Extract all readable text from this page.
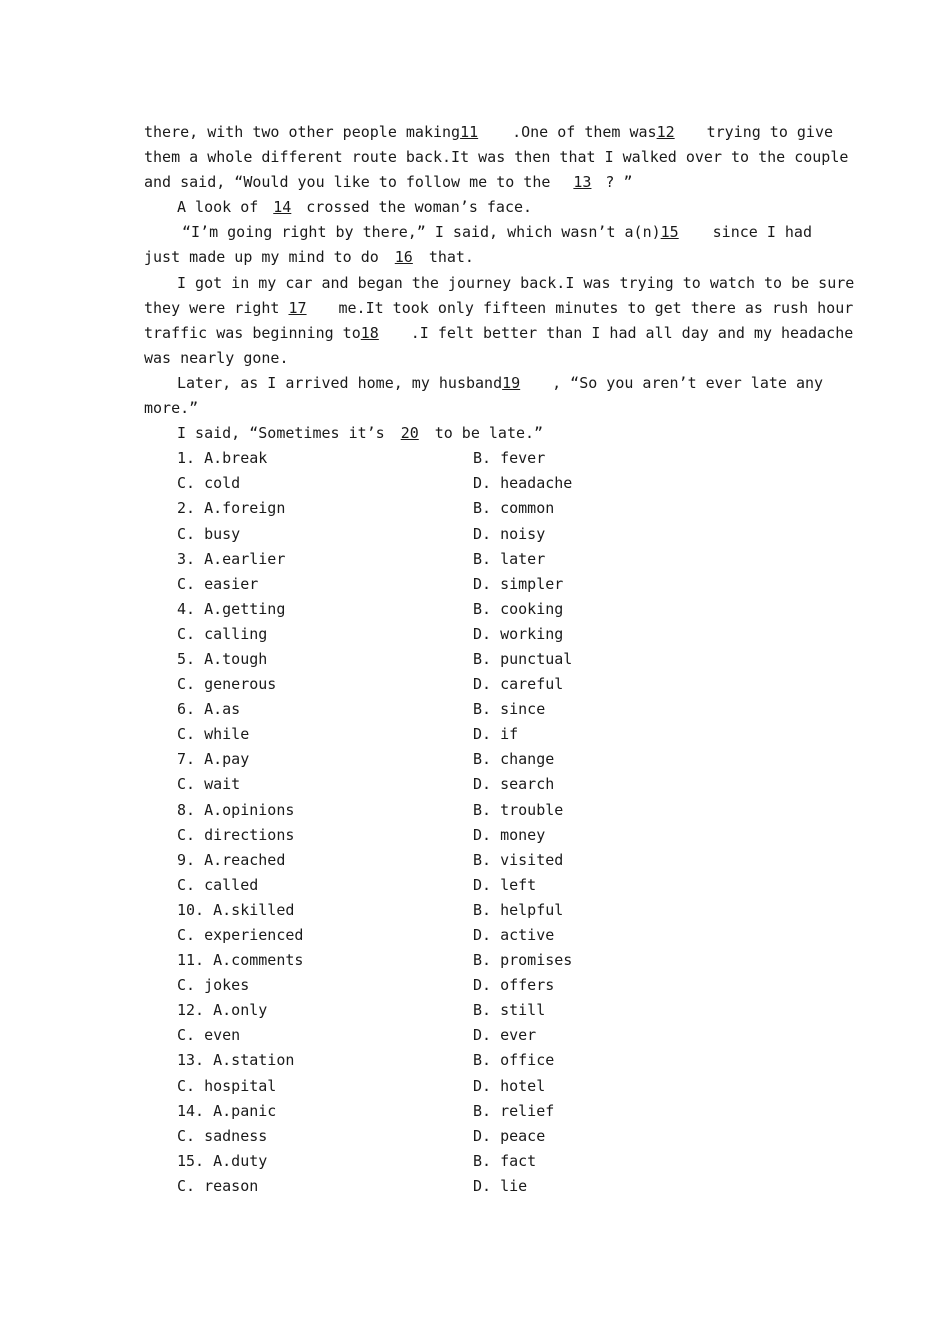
there, with two other people making11 .One of them was12 trying to give
them a whole different route back.It was then that I walked over to the couple
and said, “Would you like to follow me to the 13 ? ”
A look of 14 crossed the woman’s face.
“I’m going right by there,” I said, which wasn’t a(n)15 since I had
just made up my mind to do 16 that.
I got in my car and began the journey back.I was trying to watch to be sure
they were right 17 me.It took only fifteen minutes to get there as rush hour
traffic was beginning to18 .I felt better than I had all day and my headache
was nearly gone.
Later, as I arrived home, my husband19 , “So you aren’t ever late any
more.”
I said, “Sometimes it’s 20 to be late.”
1. A.break	B. fever
C. cold	D. headache
2. A.foreign	B. common
C. busy	D. noisy
3. A.earlier	B. later
C. easier	D. simpler
4. A.getting	B. cooking
C. calling	D. working
5. A.tough	B. punctual
C. generous	D. careful
6. A.as	B. since
C. while	D. if
7. A.pay	B. change
C. wait	D. search
8. A.opinions	B. trouble
C. directions	D. money
9. A.reached	B. visited
C. called	D. left
10. A.skilled	B. helpful
C. experienced	D. active
11. A.comments	B. promises
C. jokes	D. offers
12. A.only	B. still
C. even	D. ever
13. A.station	B. office
C. hospital	D. hotel
14. A.panic	B. relief
C. sadness	D. peace
15. A.duty	B. fact
C. reason	D. lie
